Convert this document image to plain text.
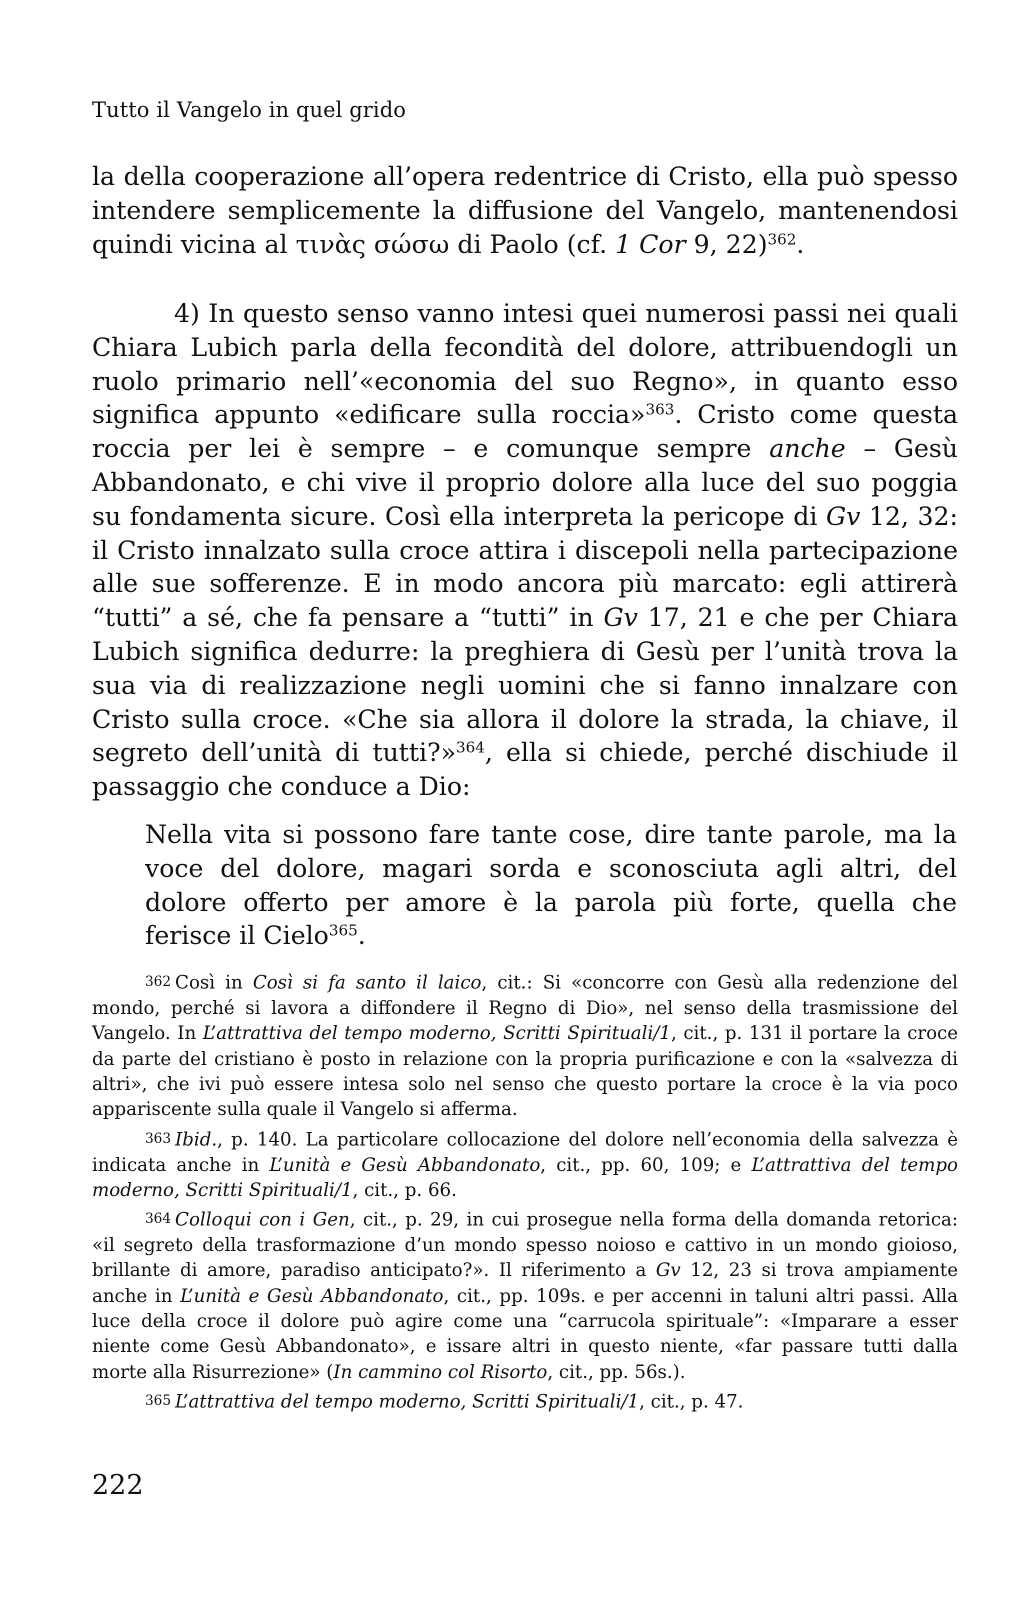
Tutto il Vangelo in quel grido

la della cooperazione all’opera redentrice di Cristo, ella può spesso intendere semplicemente la diffusione del Vangelo, mantenendosi quindi vicina al τινὰς σώσω di Paolo (cf. 1 Cor 9, 22)$^{362}$.

4) In questo senso vanno intesi quei numerosi passi nei quali Chiara Lubich parla della fecondità del dolore, attribuendogli un ruolo primario nell’«economia del suo Regno», in quanto esso significa appunto «edificare sulla roccia»$^{363}$. Cristo come questa roccia per lei è sempre – e comunque sempre anche – Gesù Abbandonato, e chi vive il proprio dolore alla luce del suo poggia su fondamenta sicure. Così ella interpreta la pericope di Gv 12, 32: il Cristo innalzato sulla croce attira i discepoli nella partecipazione alle sue sofferenze. E in modo ancora più marcato: egli attirerà “tutti” a sé, che fa pensare a “tutti” in Gv 17, 21 e che per Chiara Lubich significa dedurre: la preghiera di Gesù per l’unità trova la sua via di realizzazione negli uomini che si fanno innalzare con Cristo sulla croce. «Che sia allora il dolore la strada, la chiave, il segreto dell’unità di tutti?»$^{364}$, ella si chiede, perché dischiude il passaggio che conduce a Dio:

Nella vita si possono fare tante cose, dire tante parole, ma la voce del dolore, magari sorda e sconosciuta agli altri, del dolore offerto per amore è la parola più forte, quella che ferisce il Cielo$^{365}$.

362 Così in Così si fa santo il laico, cit.: Si «concorre con Gesù alla redenzione del mondo, perché si lavora a diffondere il Regno di Dio», nel senso della trasmissione del Vangelo. In L’attrattiva del tempo moderno, Scritti Spirituali/1, cit., p. 131 il portare la croce da parte del cristiano è posto in relazione con la propria purificazione e con la «salvezza di altri», che ivi può essere intesa solo nel senso che questo portare la croce è la via poco appariscente sulla quale il Vangelo si afferma.

363 Ibid., p. 140. La particolare collocazione del dolore nell’economia della salvezza è indicata anche in L’unità e Gesù Abbandonato, cit., pp. 60, 109; e L’attrattiva del tempo moderno, Scritti Spirituali/1, cit., p. 66.

364 Colloqui con i Gen, cit., p. 29, in cui prosegue nella forma della domanda retorica: «il segreto della trasformazione d’un mondo spesso noioso e cattivo in un mondo gioioso, brillante di amore, paradiso anticipato?». Il riferimento a Gv 12, 23 si trova ampiamente anche in L’unità e Gesù Abbandonato, cit., pp. 109s. e per accenni in taluni altri passi. Alla luce della croce il dolore può agire come una “carrucola spirituale”: «Imparare a esser niente come Gesù Abbandonato», e issare altri in questo niente, «far passare tutti dalla morte alla Risurrezione» (In cammino col Risorto, cit., pp. 56s.).

365 L’attrattiva del tempo moderno, Scritti Spirituali/1, cit., p. 47.

222
